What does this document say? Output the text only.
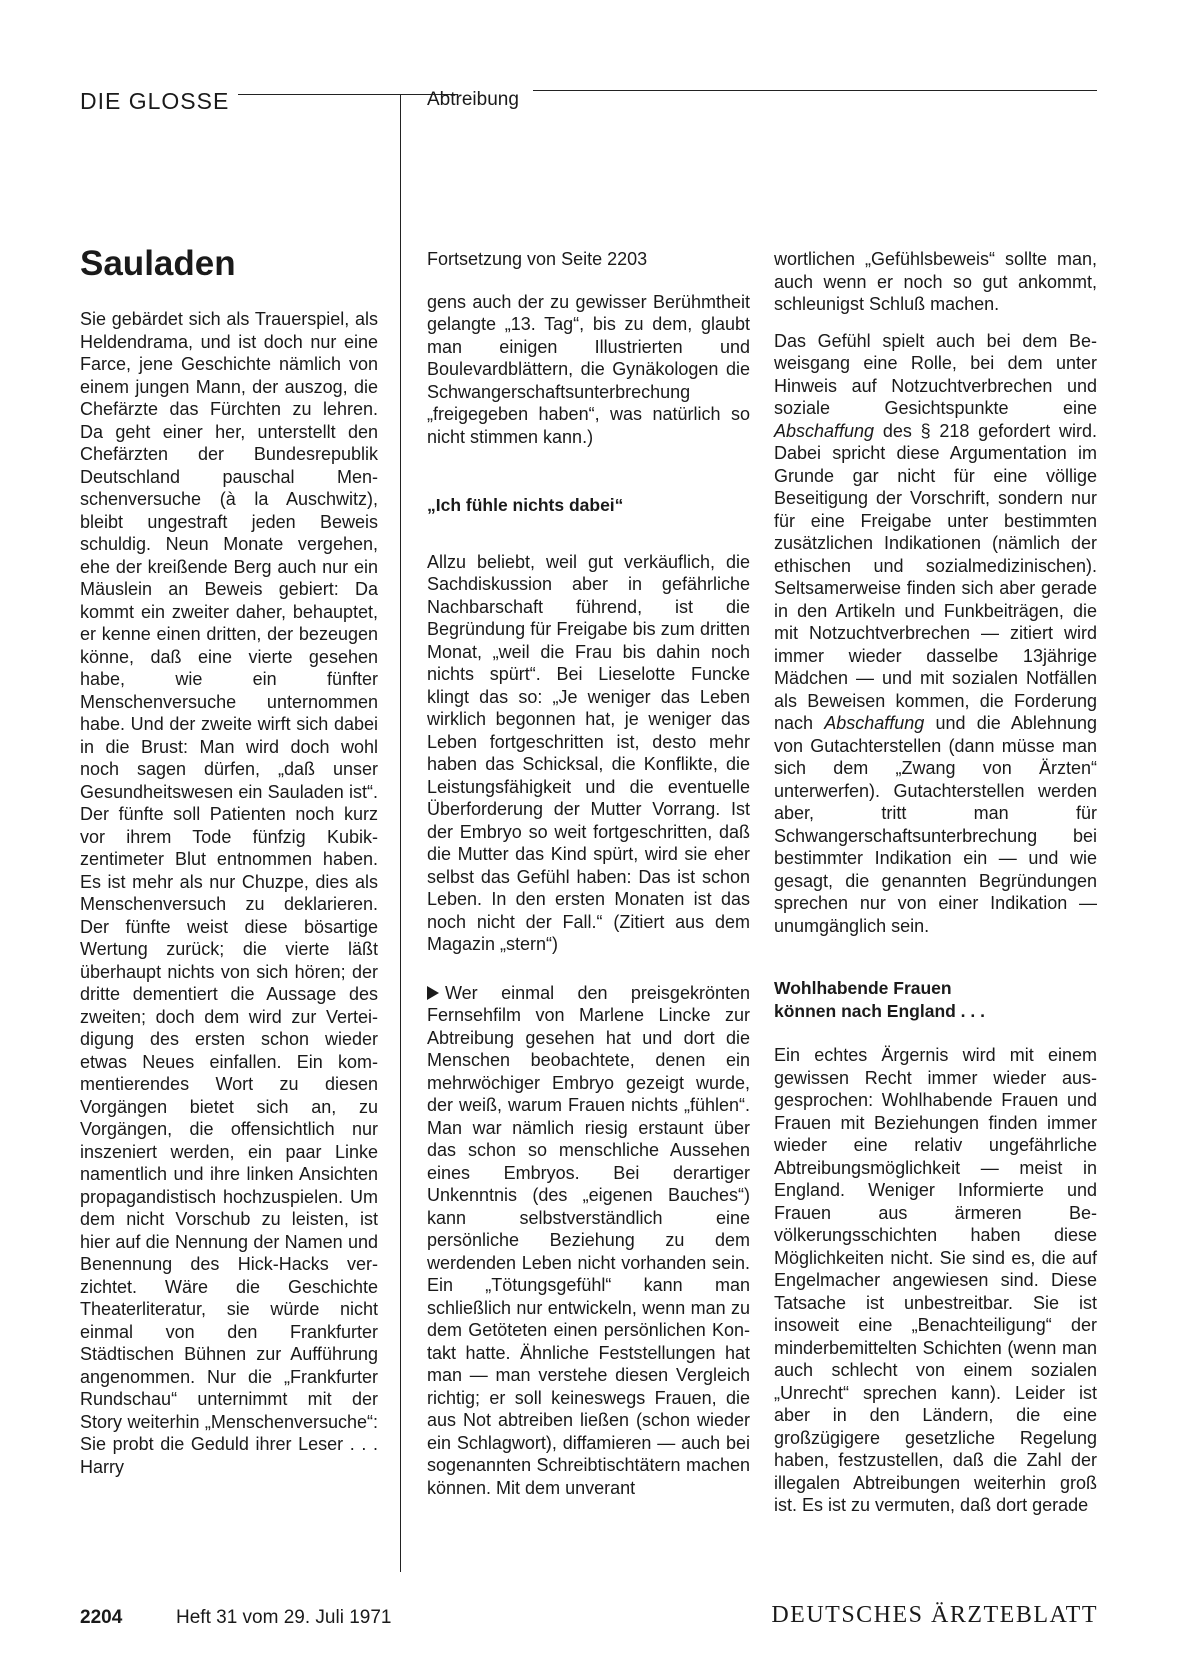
DIE GLOSSE	Abtreibung
Sauladen

Sie gebärdet sich als Trauerspiel, als Heldendrama, und ist doch nur eine Farce, jene Geschichte nämlich von einem jungen Mann, der auszog, die Chefärzte das Fürchten zu lehren. Da geht einer her, unterstellt den Chefärzten der Bundesrepublik Deutschland pauschal Menschenversuche (à la Auschwitz), bleibt ungestraft jeden Beweis schuldig. Neun Monate vergehen, ehe der kreißende Berg auch nur ein Mäuslein an Beweis gebiert: Da kommt ein zweiter daher, behauptet, er kenne einen dritten, der bezeugen könne, daß eine vierte gesehen habe, wie ein fünfter Menschenversuche unternommen habe. Und der zweite wirft sich dabei in die Brust: Man wird doch wohl noch sagen dürfen, „daß unser Gesundheitswesen ein Sauladen ist“. Der fünfte soll Patienten noch kurz vor ihrem Tode fünfzig Kubikzentimeter Blut entnommen haben. Es ist mehr als nur Chuzpe, dies als Menschenversuch zu deklarieren. Der fünfte weist diese bösartige Wertung zurück; die vierte läßt überhaupt nichts von sich hören; der dritte dementiert die Aussage des zweiten; doch dem wird zur Verteidigung des ersten schon wieder etwas Neues einfallen. Ein kommentierendes Wort zu diesen Vorgängen bietet sich an, zu Vorgängen, die offensichtlich nur inszeniert werden, ein paar Linke namentlich und ihre linken Ansichten propagandistisch hochzuspielen. Um dem nicht Vorschub zu leisten, ist hier auf die Nennung der Namen und Benennung des Hick-Hacks verzichtet. Wäre die Geschichte Theaterliteratur, sie würde nicht einmal von den Frankfurter Städtischen Bühnen zur Aufführung angenommen. Nur die „Frankfurter Rundschau“ unternimmt mit der Story weiterhin „Menschenversuche“: Sie probt die Geduld ihrer Leser . . . Harry

Fortsetzung von Seite 2203

gens auch der zu gewisser Berühmtheit gelangte „13. Tag“, bis zu dem, glaubt man einigen Illustrierten und Boulevardblättern, die Gynäkologen die Schwangerschaftsunterbrechung „freigegeben haben“, was natürlich so nicht stimmen kann.)

„Ich fühle nichts dabei“

Allzu beliebt, weil gut verkäuflich, die Sachdiskussion aber in gefährliche Nachbarschaft führend, ist die Begründung für Freigabe bis zum dritten Monat, „weil die Frau bis dahin noch nichts spürt“. Bei Lieselotte Funcke klingt das so: „Je weniger das Leben wirklich begonnen hat, je weniger das Leben fortgeschritten ist, desto mehr haben das Schicksal, die Konflikte, die Leistungsfähigkeit und die eventuelle Überforderung der Mutter Vorrang. Ist der Embryo so weit fortgeschritten, daß die Mutter das Kind spürt, wird sie eher selbst das Gefühl haben: Das ist schon Leben. In den ersten Monaten ist das noch nicht der Fall.“ (Zitiert aus dem Magazin „stern“)

Wer einmal den preisgekrönten Fernsehfilm von Marlene Lincke zur Abtreibung gesehen hat und dort die Menschen beobachtete, denen ein mehrwöchiger Embryo gezeigt wurde, der weiß, warum Frauen nichts „fühlen“. Man war nämlich riesig erstaunt über das schon so menschliche Aussehen eines Embryos. Bei derartiger Unkenntnis (des „eigenen Bauches“) kann selbstverständlich eine persönliche Beziehung zu dem werdenden Leben nicht vorhanden sein. Ein „Tötungsgefühl“ kann man schließlich nur entwickeln, wenn man zu dem Getöteten einen persönlichen Kontakt hatte. Ähnliche Feststellungen hat man — man verstehe diesen Vergleich richtig; er soll keineswegs Frauen, die aus Not abtreiben ließen (schon wieder ein Schlagwort), diffamieren — auch bei sogenannten Schreibtischtätern machen können. Mit dem unverant

wortlichen „Gefühlsbeweis“ sollte man, auch wenn er noch so gut ankommt, schleunigst Schluß machen.

Das Gefühl spielt auch bei dem Beweisgang eine Rolle, bei dem unter Hinweis auf Notzuchtverbrechen und soziale Gesichtspunkte eine Abschaffung des § 218 gefordert wird. Dabei spricht diese Argumentation im Grunde gar nicht für eine völlige Beseitigung der Vorschrift, sondern nur für eine Freigabe unter bestimmten zusätzlichen Indikationen (nämlich der ethischen und sozialmedizinischen). Seltsamerweise finden sich aber gerade in den Artikeln und Funkbeiträgen, die mit Notzuchtverbrechen — zitiert wird immer wieder dasselbe 13jährige Mädchen — und mit sozialen Notfällen als Beweisen kommen, die Forderung nach Abschaffung und die Ablehnung von Gutachterstellen (dann müsse man sich dem „Zwang von Ärzten“ unterwerfen). Gutachterstellen werden aber, tritt man für Schwangerschaftsunterbrechung bei bestimmter Indikation ein — und wie gesagt, die genannten Begründungen sprechen nur von einer Indikation — unumgänglich sein.

Wohlhabende Frauen
können nach England . . .

Ein echtes Ärgernis wird mit einem gewissen Recht immer wieder ausgesprochen: Wohlhabende Frauen und Frauen mit Beziehungen finden immer wieder eine relativ ungefährliche Abtreibungsmöglichkeit — meist in England. Weniger Informierte und Frauen aus ärmeren Bevölkerungsschichten haben diese Möglichkeiten nicht. Sie sind es, die auf Engelmacher angewiesen sind. Diese Tatsache ist unbestreitbar. Sie ist insoweit eine „Benachteiligung“ der minderbemittelten Schichten (wenn man auch schlecht von einem sozialen „Unrecht“ sprechen kann). Leider ist aber in den Ländern, die eine großzügigere gesetzliche Regelung haben, festzustellen, daß die Zahl der illegalen Abtreibungen weiterhin groß ist. Es ist zu vermuten, daß dort gerade

2204	Heft 31 vom 29. Juli 1971	DEUTSCHES ÄRZTEBLATT
